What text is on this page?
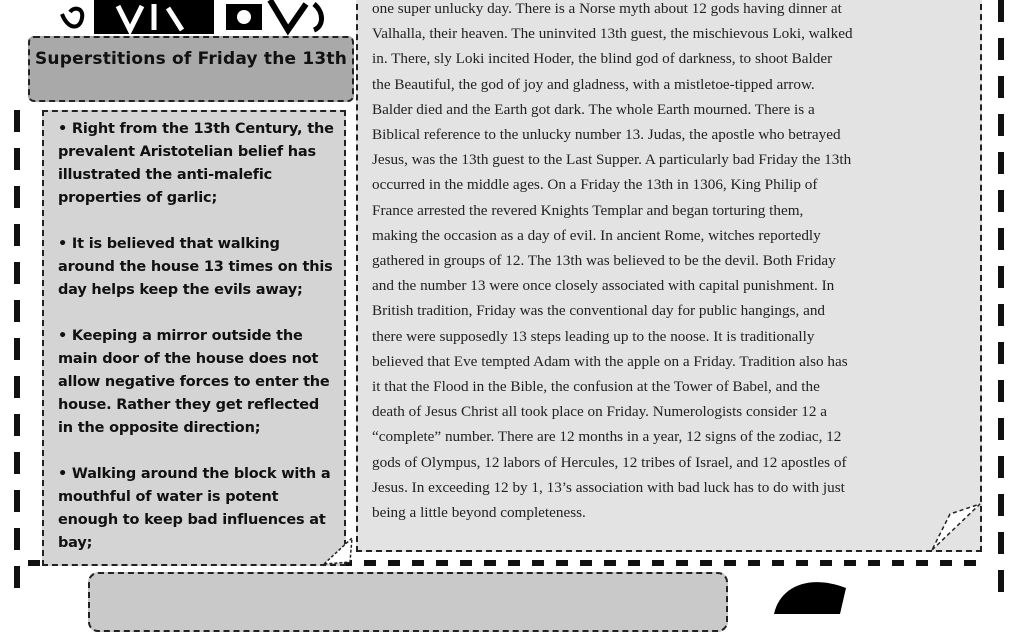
Superstitions of Friday the 13th
• Right from the 13th Century, the prevalent Aristotelian belief has illustrated the anti-malefic properties of garlic;
• It is believed that walking around the house 13 times on this day helps keep the evils away;
• Keeping a mirror outside the main door of the house does not allow negative forces to enter the house. Rather they get reflected in the opposite direction;
• Walking around the block with a mouthful of water is potent enough to keep bad influences at bay;

one super unlucky day. There is a Norse myth about 12 gods having dinner at

Valhalla, their heaven. The uninvited 13th guest, the mischievous Loki, walked

in. There, sly Loki incited Hoder, the blind god of darkness, to shoot Balder

the Beautiful, the god of joy and gladness, with a mistletoe-tipped arrow.

Balder died and the Earth got dark. The whole Earth mourned. There is a

Biblical reference to the unlucky number 13. Judas, the apostle who betrayed

Jesus, was the 13th guest to the Last Supper. A particularly bad Friday the 13th

occurred in the middle ages. On a Friday the 13th in 1306, King Philip of

France arrested the revered Knights Templar and began torturing them,

making the occasion as a day of evil. In ancient Rome, witches reportedly

gathered in groups of 12. The 13th was believed to be the devil. Both Friday

and the number 13 were once closely associated with capital punishment. In

British tradition, Friday was the conventional day for public hangings, and

there were supposedly 13 steps leading up to the noose. It is traditionally

believed that Eve tempted Adam with the apple on a Friday. Tradition also has

it that the Flood in the Bible, the confusion at the Tower of Babel, and the

death of Jesus Christ all took place on Friday. Numerologists consider 12 a

“complete” number. There are 12 months in a year, 12 signs of the zodiac, 12

gods of Olympus, 12 labors of Hercules, 12 tribes of Israel, and 12 apostles of

Jesus. In exceeding 12 by 1, 13’s association with bad luck has to do with just

being a little beyond completeness.
